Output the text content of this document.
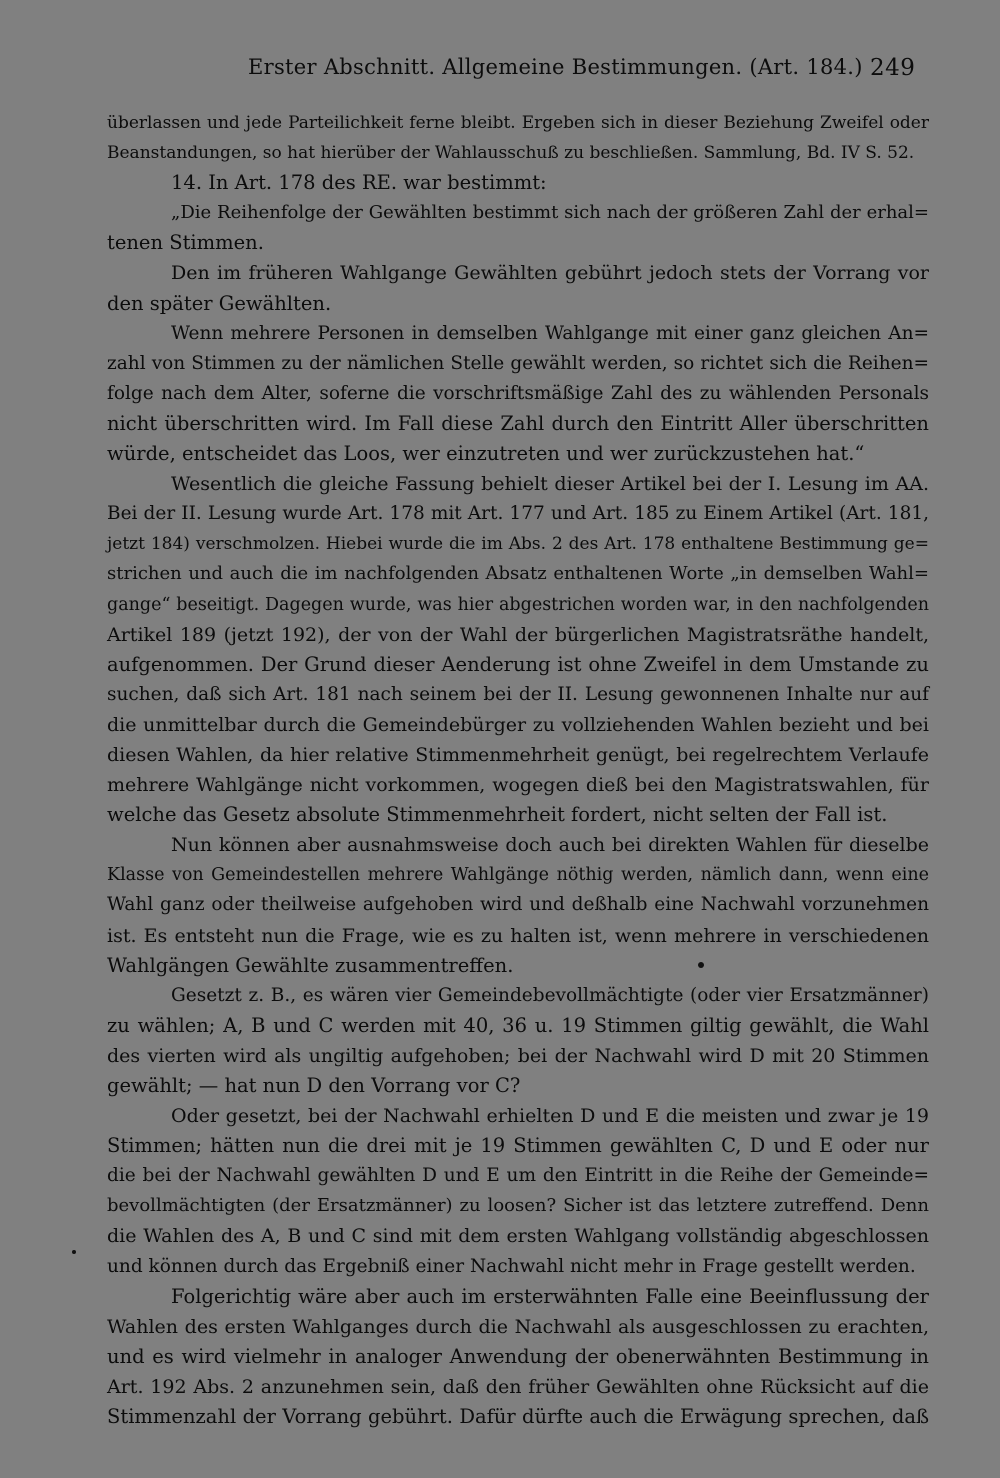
Erster Abschnitt. Allgemeine Bestimmungen. (Art. 184.) 249
überlassen und jede Parteilichkeit ferne bleibt. Ergeben sich in dieser Beziehung Zweifel oder
Beanstandungen, so hat hierüber der Wahlausschuß zu beschließen. Sammlung, Bd. IV S. 52.
14. In Art. 178 des RE. war bestimmt:
„Die Reihenfolge der Gewählten bestimmt sich nach der größeren Zahl der erhal=
tenen Stimmen.
Den im früheren Wahlgange Gewählten gebührt jedoch stets der Vorrang vor
den später Gewählten.
Wenn mehrere Personen in demselben Wahlgange mit einer ganz gleichen An=
zahl von Stimmen zu der nämlichen Stelle gewählt werden, so richtet sich die Reihen=
folge nach dem Alter, soferne die vorschriftsmäßige Zahl des zu wählenden Personals
nicht überschritten wird. Im Fall diese Zahl durch den Eintritt Aller überschritten
würde, entscheidet das Loos, wer einzutreten und wer zurückzustehen hat.“
Wesentlich die gleiche Fassung behielt dieser Artikel bei der I. Lesung im AA.
Bei der II. Lesung wurde Art. 178 mit Art. 177 und Art. 185 zu Einem Artikel (Art. 181,
jetzt 184) verschmolzen. Hiebei wurde die im Abs. 2 des Art. 178 enthaltene Bestimmung ge=
strichen und auch die im nachfolgenden Absatz enthaltenen Worte „in demselben Wahl=
gange“ beseitigt. Dagegen wurde, was hier abgestrichen worden war, in den nachfolgenden
Artikel 189 (jetzt 192), der von der Wahl der bürgerlichen Magistratsräthe handelt,
aufgenommen. Der Grund dieser Aenderung ist ohne Zweifel in dem Umstande zu
suchen, daß sich Art. 181 nach seinem bei der II. Lesung gewonnenen Inhalte nur auf
die unmittelbar durch die Gemeindebürger zu vollziehenden Wahlen bezieht und bei
diesen Wahlen, da hier relative Stimmenmehrheit genügt, bei regelrechtem Verlaufe
mehrere Wahlgänge nicht vorkommen, wogegen dieß bei den Magistratswahlen, für
welche das Gesetz absolute Stimmenmehrheit fordert, nicht selten der Fall ist.
Nun können aber ausnahmsweise doch auch bei direkten Wahlen für dieselbe
Klasse von Gemeindestellen mehrere Wahlgänge nöthig werden, nämlich dann, wenn eine
Wahl ganz oder theilweise aufgehoben wird und deßhalb eine Nachwahl vorzunehmen
ist. Es entsteht nun die Frage, wie es zu halten ist, wenn mehrere in verschiedenen
Wahlgängen Gewählte zusammentreffen.
Gesetzt z. B., es wären vier Gemeindebevollmächtigte (oder vier Ersatzmänner)
zu wählen; A, B und C werden mit 40, 36 u. 19 Stimmen giltig gewählt, die Wahl
des vierten wird als ungiltig aufgehoben; bei der Nachwahl wird D mit 20 Stimmen
gewählt; — hat nun D den Vorrang vor C?
Oder gesetzt, bei der Nachwahl erhielten D und E die meisten und zwar je 19
Stimmen; hätten nun die drei mit je 19 Stimmen gewählten C, D und E oder nur
die bei der Nachwahl gewählten D und E um den Eintritt in die Reihe der Gemeinde=
bevollmächtigten (der Ersatzmänner) zu loosen? Sicher ist das letztere zutreffend. Denn
die Wahlen des A, B und C sind mit dem ersten Wahlgang vollständig abgeschlossen
und können durch das Ergebniß einer Nachwahl nicht mehr in Frage gestellt werden.
Folgerichtig wäre aber auch im ersterwähnten Falle eine Beeinflussung der
Wahlen des ersten Wahlganges durch die Nachwahl als ausgeschlossen zu erachten,
und es wird vielmehr in analoger Anwendung der obenerwähnten Bestimmung in
Art. 192 Abs. 2 anzunehmen sein, daß den früher Gewählten ohne Rücksicht auf die
Stimmenzahl der Vorrang gebührt. Dafür dürfte auch die Erwägung sprechen, daß
